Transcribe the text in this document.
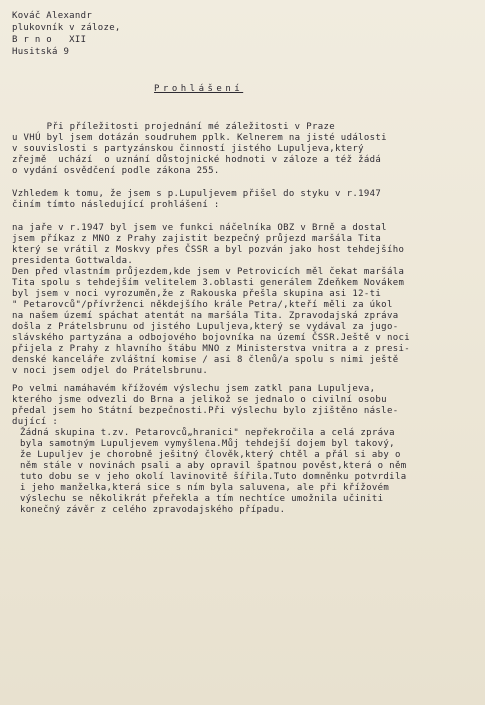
Kováč Alexandr
plukovník v záloze,
B r n o   XII
Husitská 9
Prohlášení
Při příležitosti projednání mé záležitosti v Praze
u VHÚ byl jsem dotázán soudruhem pplk. Kelnerem na jisté události
v souvislosti s partyzánskou činností jistého Lupuljeva,který
zřejmě  uchází  o uznání důstojnické hodnoti v záloze a též žádá
o vydání osvědčení podle zákona 255.
Vzhledem k tomu, že jsem s p.Lupuljevem přišel do styku v r.1947
činím tímto následující prohlášení :
na jaře v r.1947 byl jsem ve funkci náčelníka OBZ v Brně a dostal
jsem příkaz z MNO z Prahy zajistit bezpečný průjezd maršála Tita
který se vrátil z Moskvy přes ČSSR a byl pozván jako host tehdejšího
presidenta Gottwalda.
Den před vlastním průjezdem,kde jsem v Petrovicích měl čekat maršála
Tita spolu s tehdejším velitelem 3.oblasti generálem Zdeňkem Novákem
byl jsem v noci vyrozuměn,že z Rakouska přešla skupina asi 12-ti
" Petarovců"/přívrženci někdejšího krále Petra/,kteří měli za úkol
na našem území spáchat atentát na maršála Tita. Zpravodajská zpráva
došla z Prátelsbrunu od jistého Lupuljeva,který se vydával za jugo-
slávského partyzána a odbojového bojovníka na území ČSSR.Ještě v noci
přijela z Prahy z hlavního štábu MNO z Ministerstva vnitra a z presi-
denské kanceláře zvláštní komise / asi 8 členů/a spolu s nimi ještě
v noci jsem odjel do Prátelsbrunu.
Po velmi namáhavém křížovém výslechu jsem zatkl pana Lupuljeva,
kterého jsme odvezli do Brna a jelikož se jednalo o civilní osobu
předal jsem ho Státní bezpečnosti.Při výslechu bylo zjištěno násle-
dující :
Žádná skupina t.zv. Petarovců„hranici" nepřekročila a celá zpráva
byla samotným Lupuljevem vymyšlena.Můj tehdejší dojem byl takový,
že Lupuljev je chorobně ješitný člověk,který chtěl a přál si aby o
něm stále v novinách psali a aby opravil špatnou pověst,která o něm
tuto dobu se v jeho okolí lavinovitě šířila.Tuto domněnku potvrdila
i jeho manželka,která sice s ním byla saluvena, ale při křížovém
výslechu se několikrát přeřekla a tím nechtíce umožnila učiniti
konečný závěr z celého zpravodajského případu.
